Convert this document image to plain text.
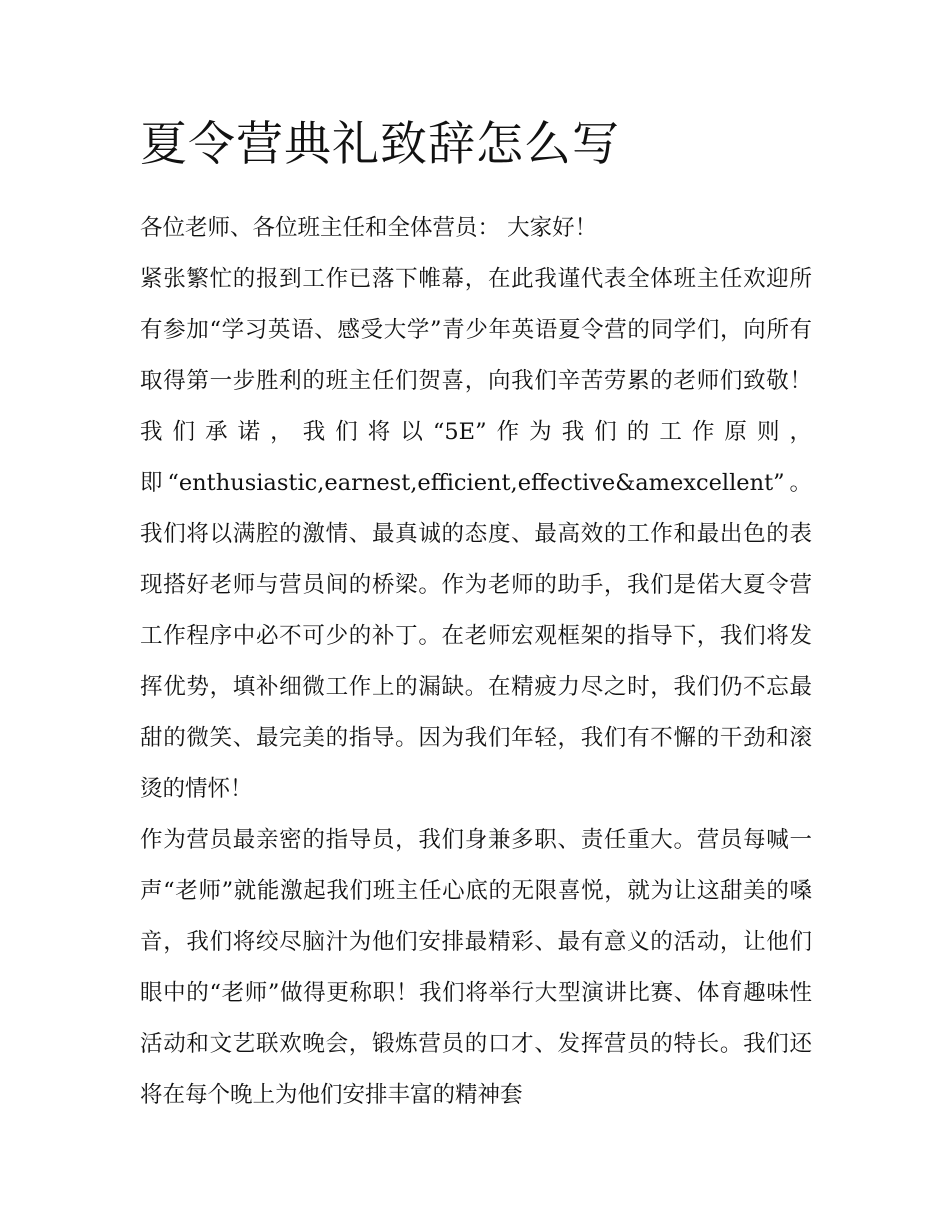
夏令营典礼致辞怎么写

各位老师、各位班主任和全体营员： 大家好！

紧张繁忙的报到工作已落下帷幕，在此我谨代表全体班主任欢迎所有参加“学习英语、感受大学”青少年英语夏令营的同学们，向所有取得第一步胜利的班主任们贺喜，向我们辛苦劳累的老师们致敬！我们承诺，我们将以“5E”作为我们的工作原则，即“enthusiastic,earnest,efficient,effective&amexcellent”。我们将以满腔的激情、最真诚的态度、最高效的工作和最出色的表现搭好老师与营员间的桥梁。作为老师的助手，我们是偌大夏令营工作程序中必不可少的补丁。在老师宏观框架的指导下，我们将发挥优势，填补细微工作上的漏缺。在精疲力尽之时，我们仍不忘最甜的微笑、最完美的指导。因为我们年轻，我们有不懈的干劲和滚烫的情怀！

作为营员最亲密的指导员，我们身兼多职、责任重大。营员每喊一声“老师”就能激起我们班主任心底的无限喜悦，就为让这甜美的嗓音，我们将绞尽脑汁为他们安排最精彩、最有意义的活动，让他们眼中的“老师”做得更称职！我们将举行大型演讲比赛、体育趣味性活动和文艺联欢晚会，锻炼营员的口才、发挥营员的特长。我们还将在每个晚上为他们安排丰富的精神套
